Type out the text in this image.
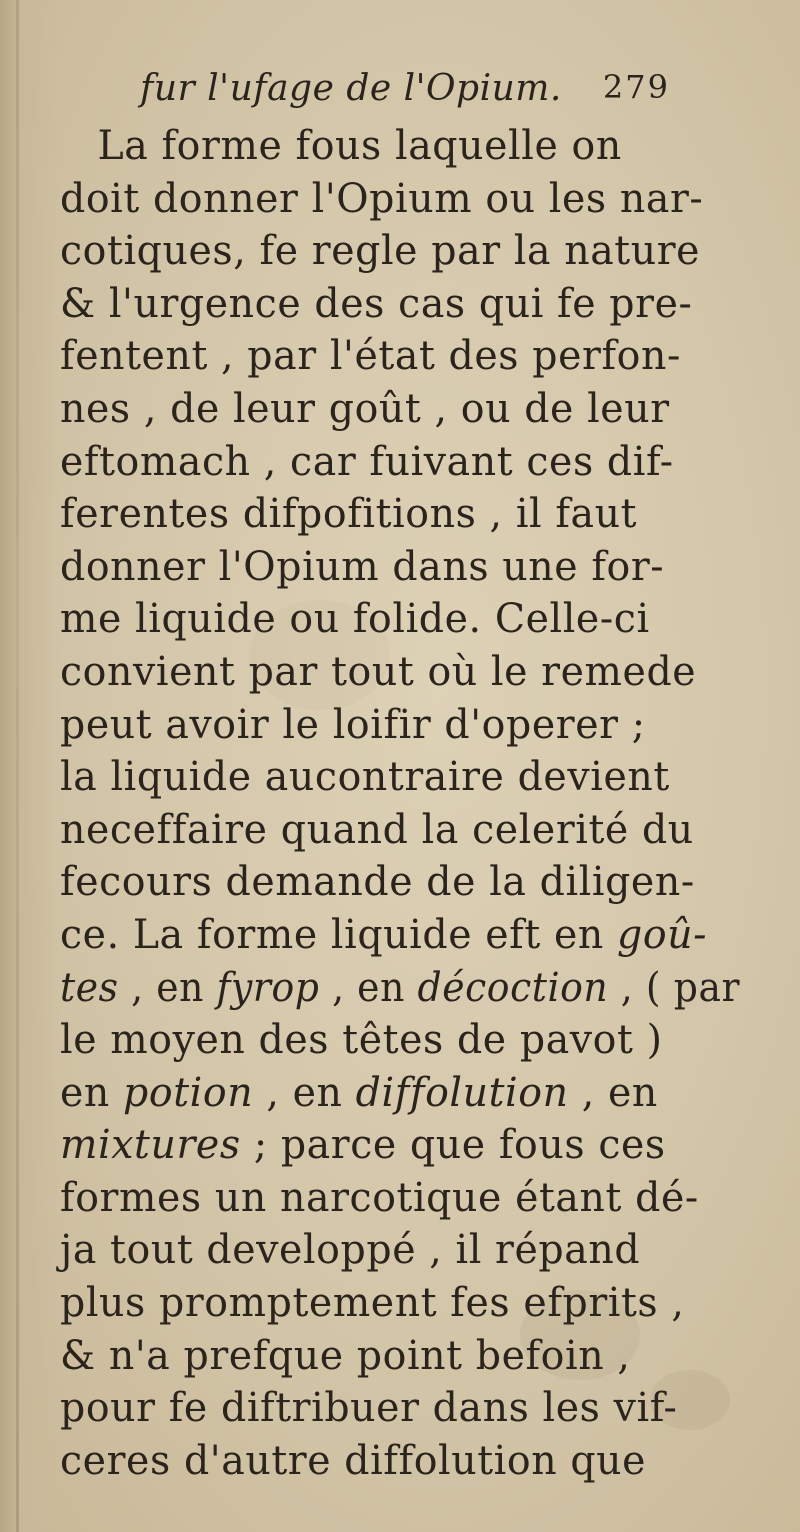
fur l'ufage de l'Opium. 279
La forme fous laquelle on
doit donner l'Opium ou les nar-
cotiques, fe regle par la nature
& l'urgence des cas qui fe pre-
fentent , par l'état des perfon-
nes , de leur goût , ou de leur
eftomach , car fuivant ces dif-
ferentes difpofitions , il faut
donner l'Opium dans une for-
me liquide ou folide. Celle-ci
convient par tout où le remede
peut avoir le loifir d'operer ;
la liquide aucontraire devient
neceffaire quand la celerité du
fecours demande de la diligen-
ce. La forme liquide eft en goû-
tes , en fyrop , en décoction , ( par
le moyen des têtes de pavot )
en potion , en diffolution , en
mixtures ; parce que fous ces
formes un narcotique étant dé-
ja tout developpé , il répand
plus promptement fes efprits ,
& n'a prefque point befoin ,
pour fe diftribuer dans les vif-
ceres d'autre diffolution que
